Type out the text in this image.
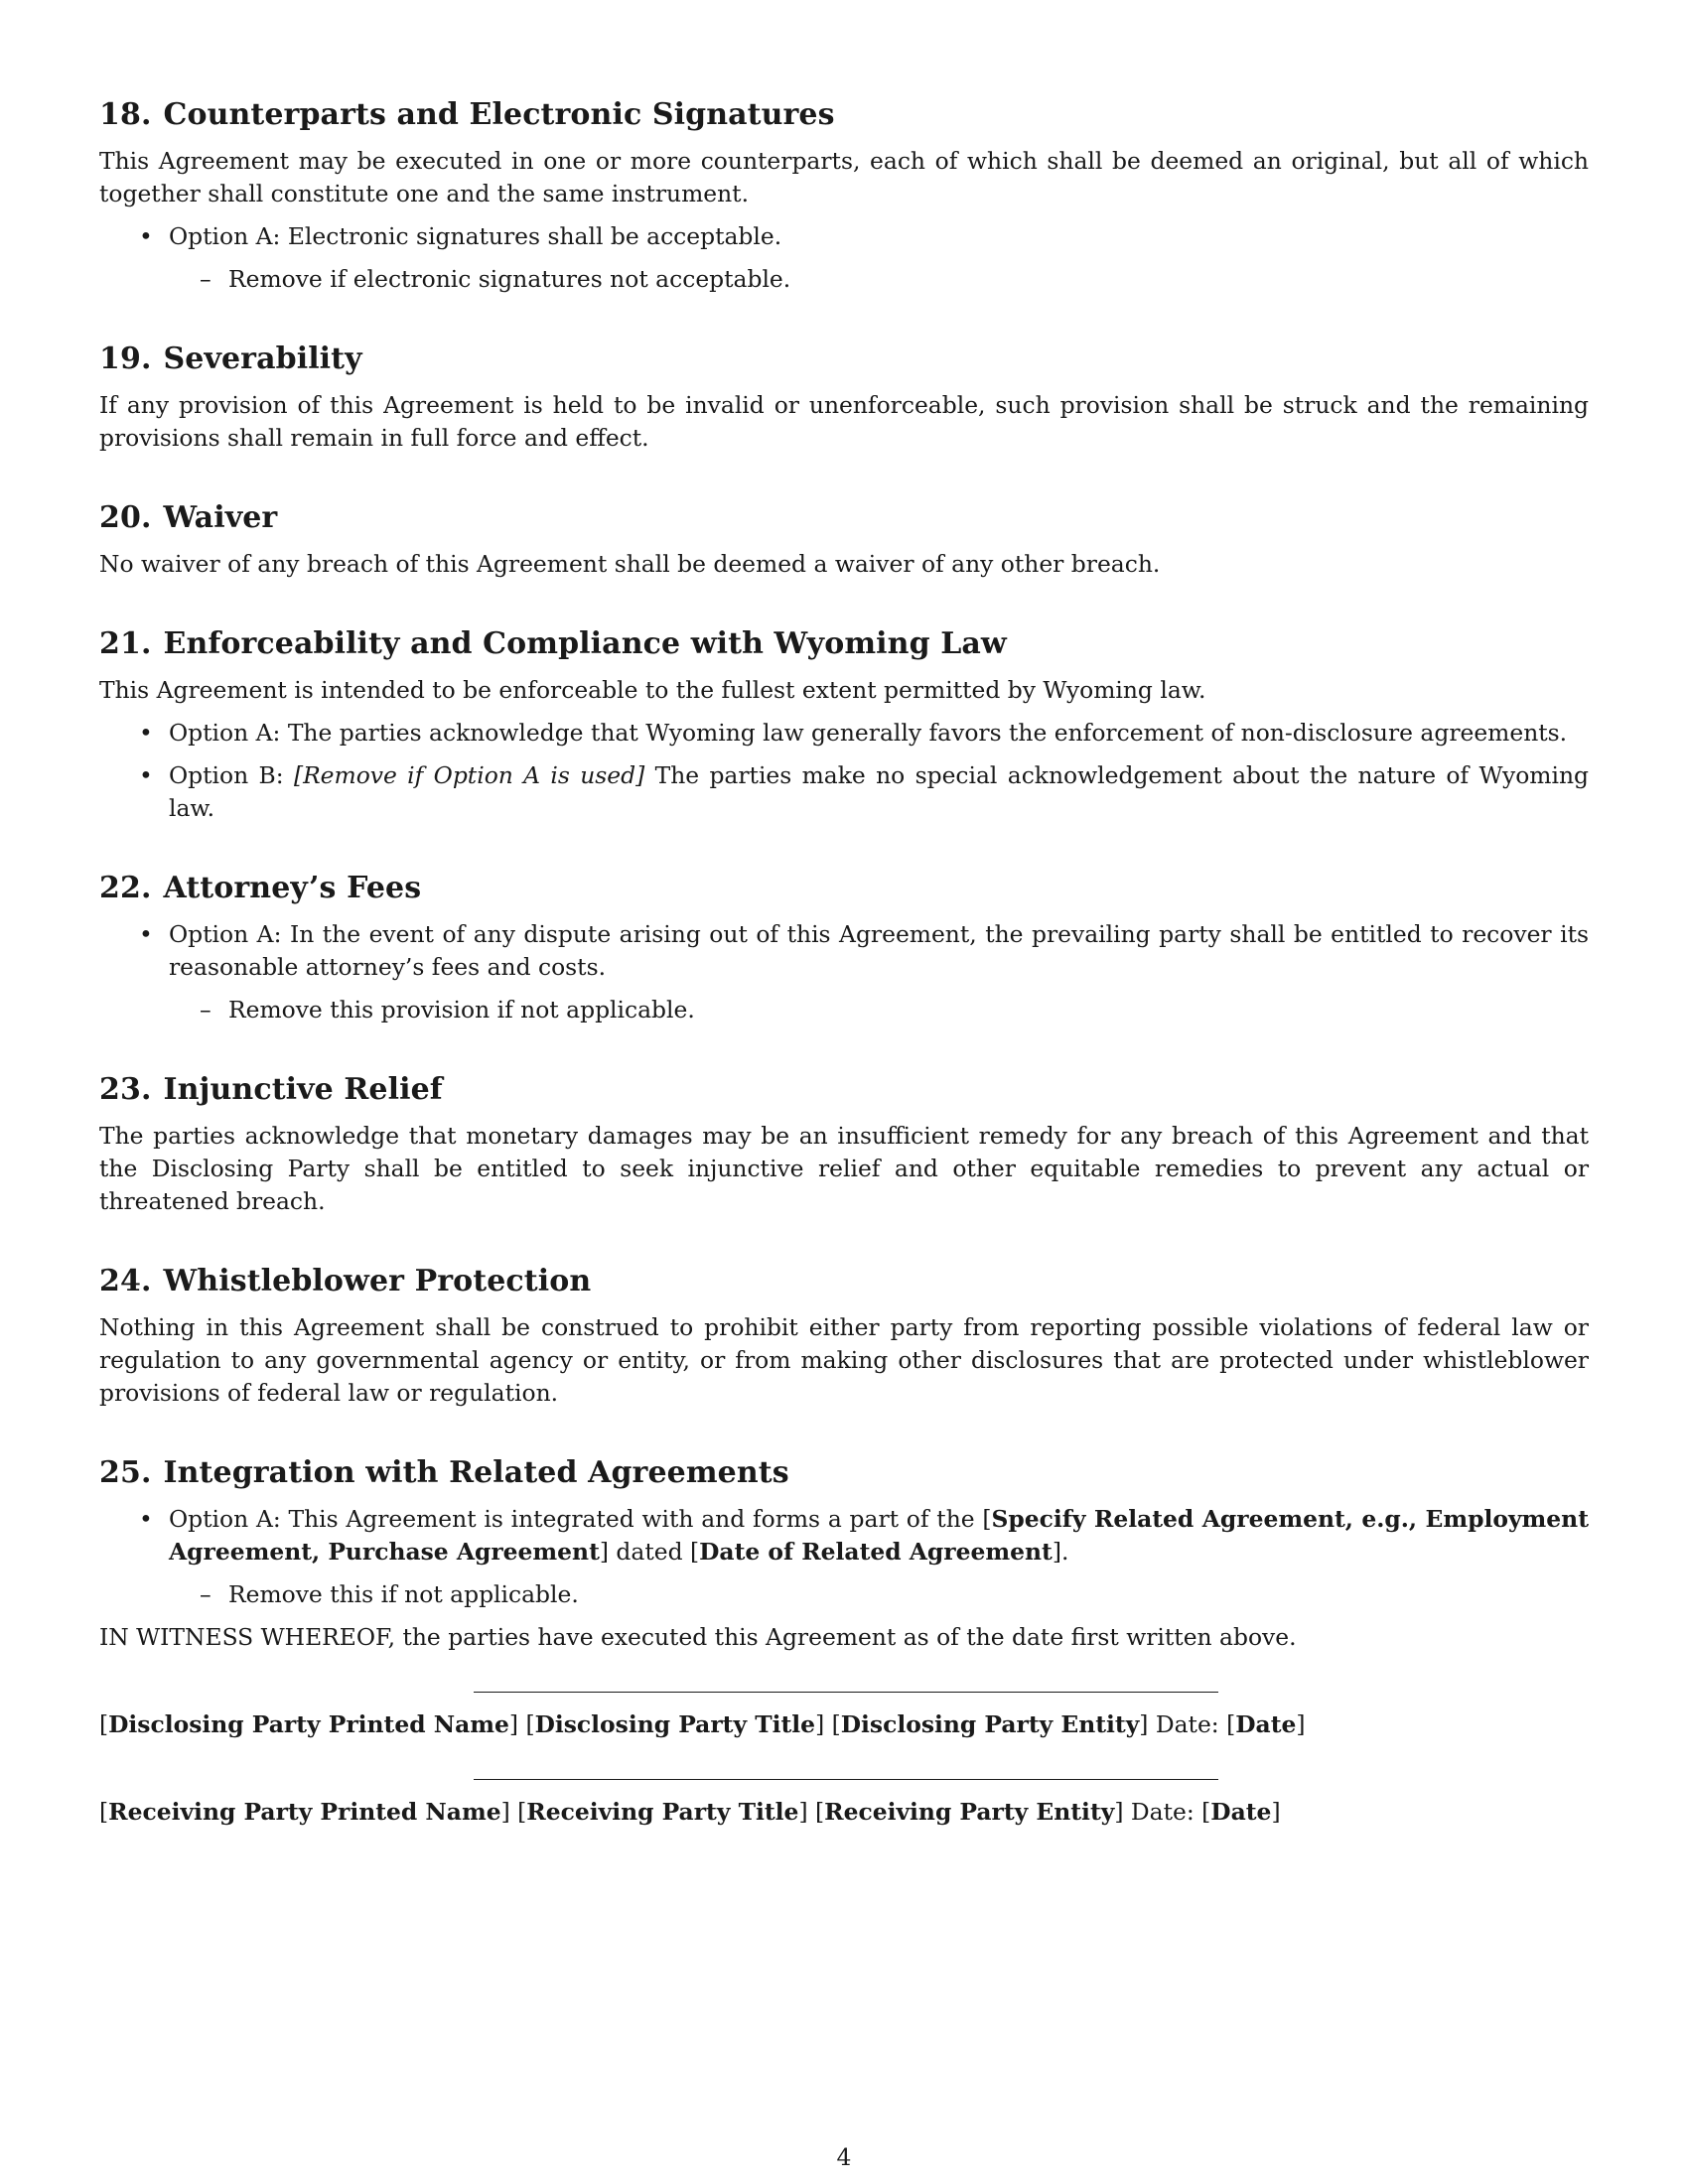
18. Counterparts and Electronic Signatures

This Agreement may be executed in one or more counterparts, each of which shall be deemed an original, but all of which together shall constitute one and the same instrument.

• Option A: Electronic signatures shall be acceptable.
– Remove if electronic signatures not acceptable.
19. Severability

If any provision of this Agreement is held to be invalid or unenforceable, such provision shall be struck and the remaining provisions shall remain in full force and effect.

20. Waiver

No waiver of any breach of this Agreement shall be deemed a waiver of any other breach.

21. Enforceability and Compliance with Wyoming Law

This Agreement is intended to be enforceable to the fullest extent permitted by Wyoming law.

• Option A: The parties acknowledge that Wyoming law generally favors the enforcement of non-disclosure agreements.
• Option B: [Remove if Option A is used] The parties make no special acknowledgement about the nature of Wyoming law.
22. Attorney’s Fees
• Option A: In the event of any dispute arising out of this Agreement, the prevailing party shall be entitled to recover its reasonable attorney’s fees and costs.
– Remove this provision if not applicable.
23. Injunctive Relief

The parties acknowledge that monetary damages may be an insufficient remedy for any breach of this Agreement and that the Disclosing Party shall be entitled to seek injunctive relief and other equitable remedies to prevent any actual or threatened breach.

24. Whistleblower Protection

Nothing in this Agreement shall be construed to prohibit either party from reporting possible violations of federal law or regulation to any governmental agency or entity, or from making other disclosures that are protected under whistleblower provisions of federal law or regulation.

25. Integration with Related Agreements
• Option A: This Agreement is integrated with and forms a part of the [Specify Related Agreement, e.g., Employment Agreement, Purchase Agreement] dated [Date of Related Agreement].
– Remove this if not applicable.

IN WITNESS WHEREOF, the parties have executed this Agreement as of the date first written above.

[Disclosing Party Printed Name] [Disclosing Party Title] [Disclosing Party Entity] Date: [Date]
[Receiving Party Printed Name] [Receiving Party Title] [Receiving Party Entity] Date: [Date]
4
